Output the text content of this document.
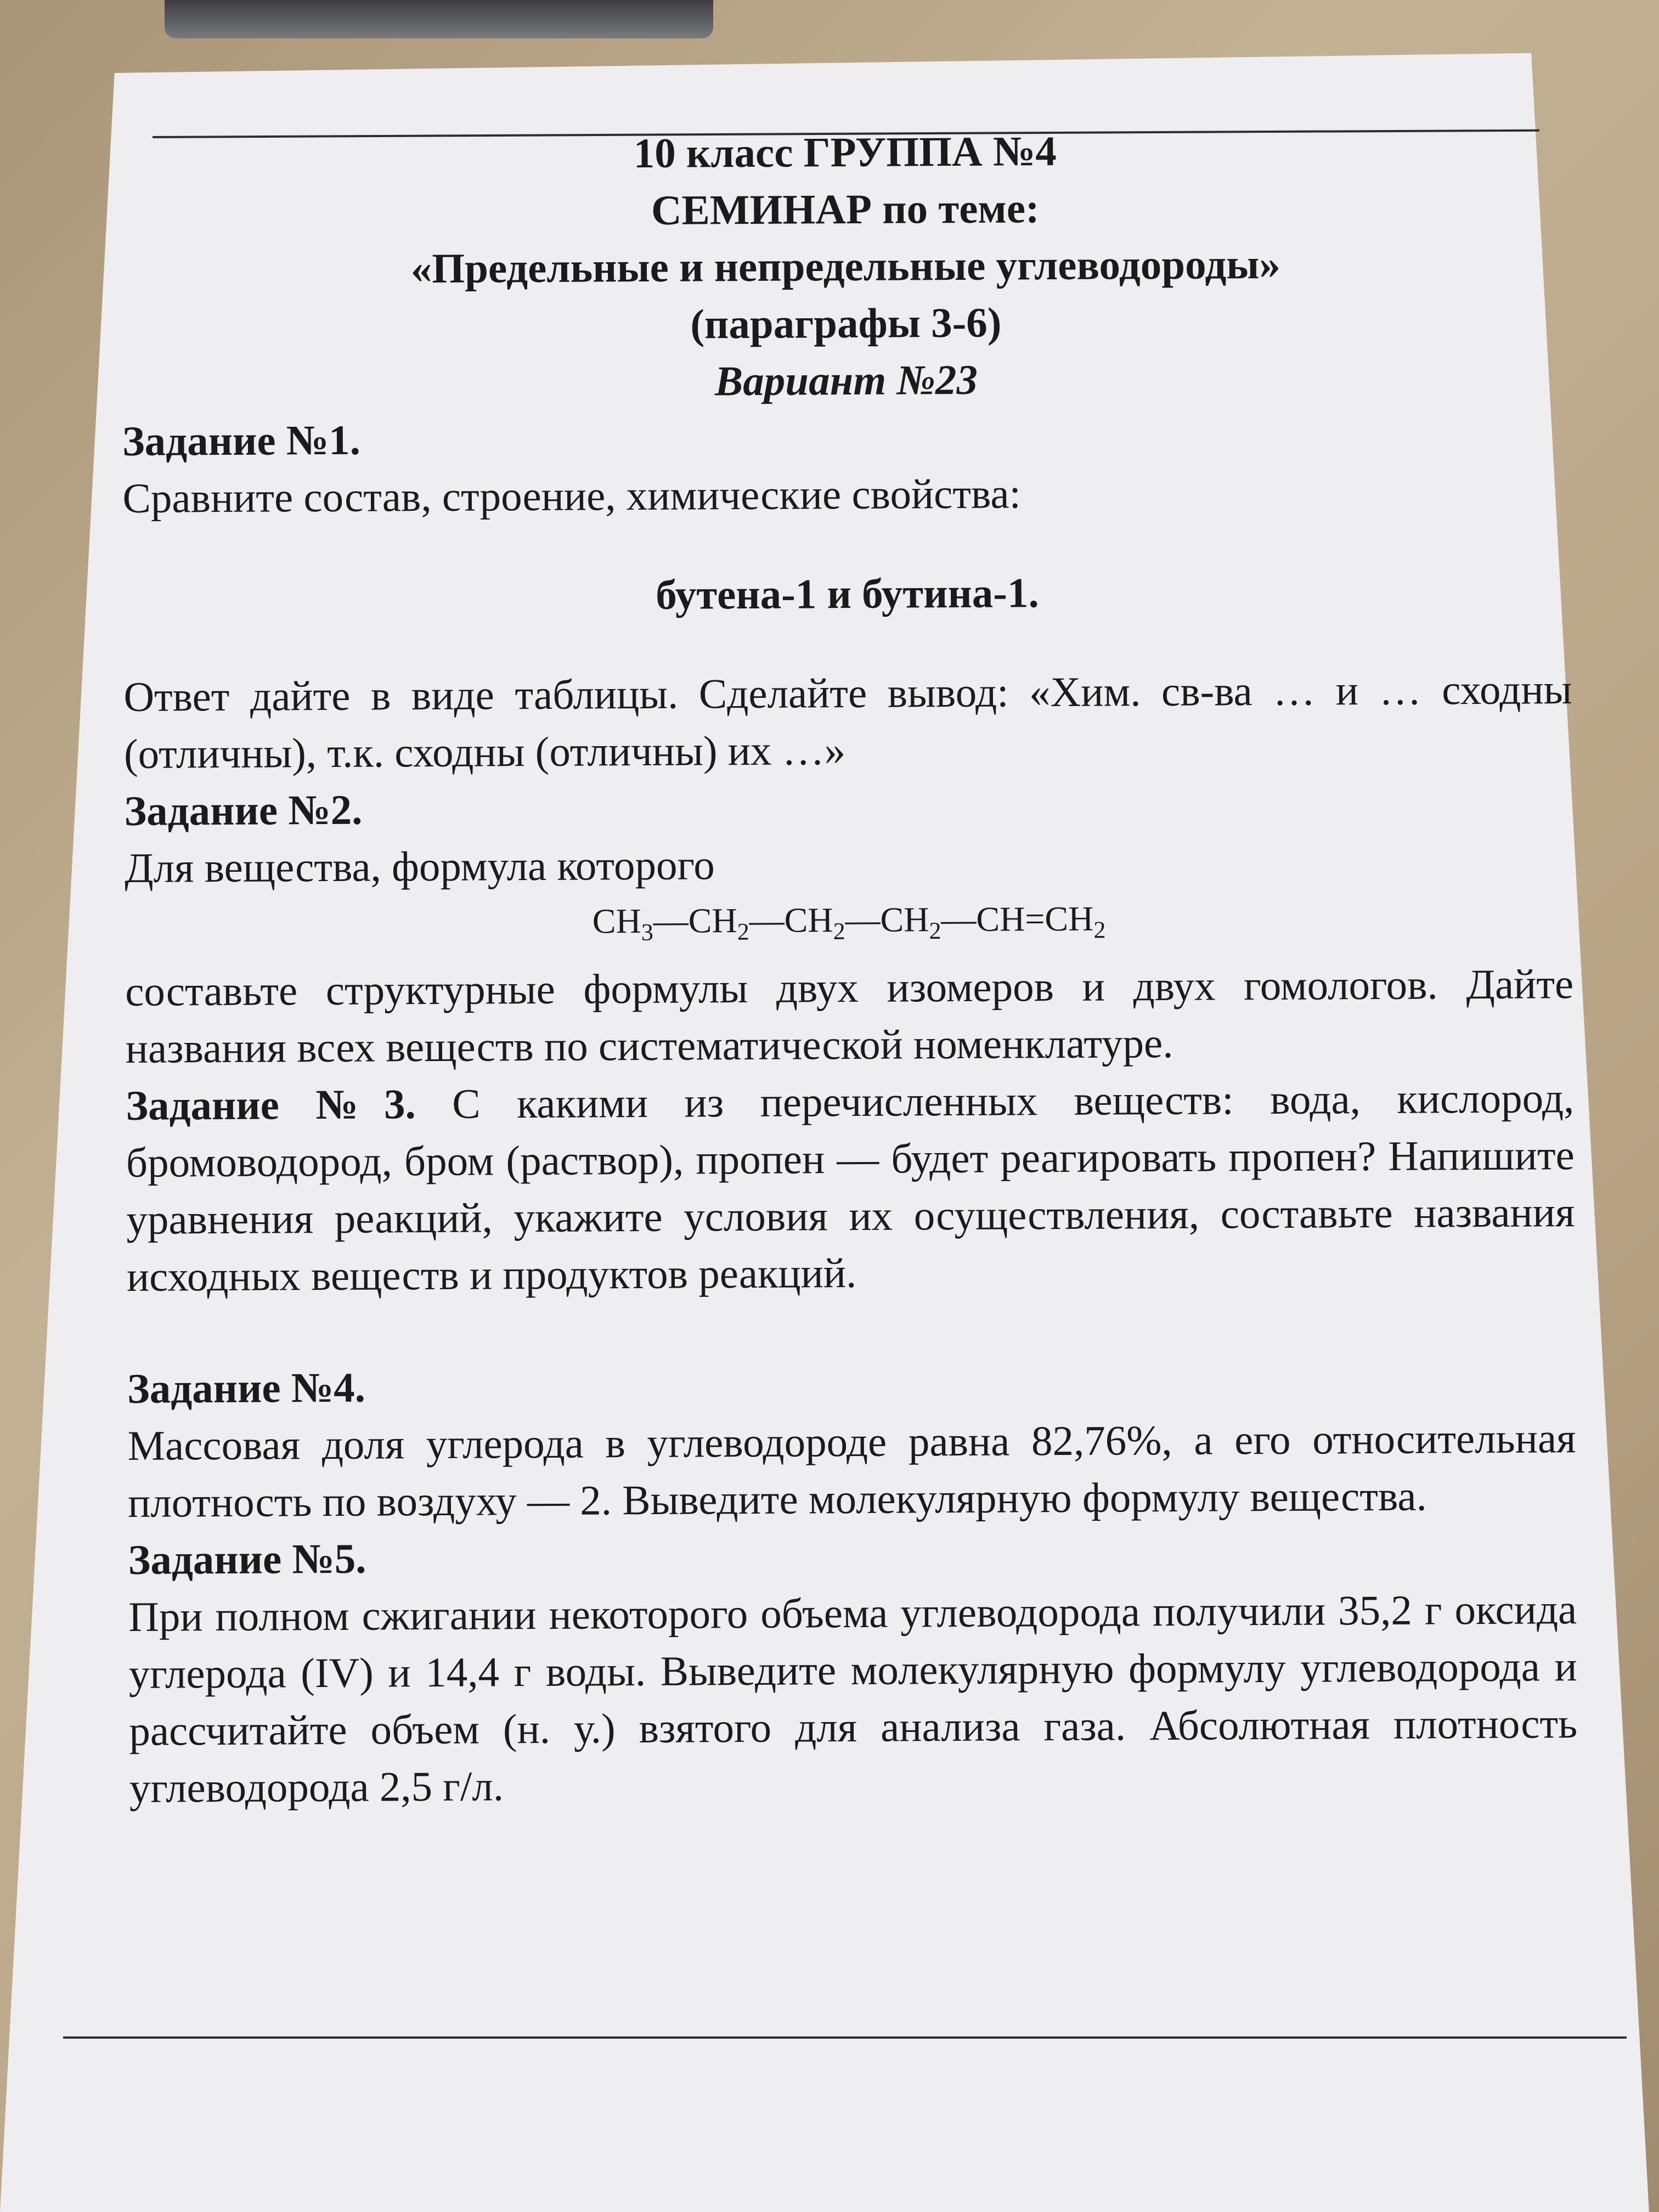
10 класс ГРУППА №4

СЕМИНАР по теме:

«Предельные и непредельные углеводороды»

(параграфы 3-6)

Вариант №23

Задание №1.

Сравните состав, строение, химические свойства:

бутена-1 и бутина-1.

Ответ дайте в виде таблицы. Сделайте вывод: «Хим. св-ва … и … сходны (отличны), т.к. сходны (отличны) их …»

Задание №2.

Для вещества, формула которого

$CH_3—CH_2—CH_2—CH_2—CH=CH_2$

составьте структурные формулы двух изомеров и двух гомологов. Дайте названия всех веществ по систематической номенклатуре.

Задание №3. С какими из перечисленных веществ: вода, кислород, бромоводород, бром (раствор), пропен — будет реагировать пропен? Напишите уравнения реакций, укажите условия их осуществления, составьте названия исходных веществ и продуктов реакций.

Задание №4.

Массовая доля углерода в углеводороде равна 82,76%, а его относительная плотность по воздуху — 2. Выведите молекулярную формулу вещества.

Задание №5.

При полном сжигании некоторого объема углеводорода получили 35,2 г оксида углерода (IV) и 14,4 г воды. Выведите молекулярную формулу углеводорода и рассчитайте объем (н. у.) взятого для анализа газа. Абсолютная плотность углеводорода 2,5 г/л.
